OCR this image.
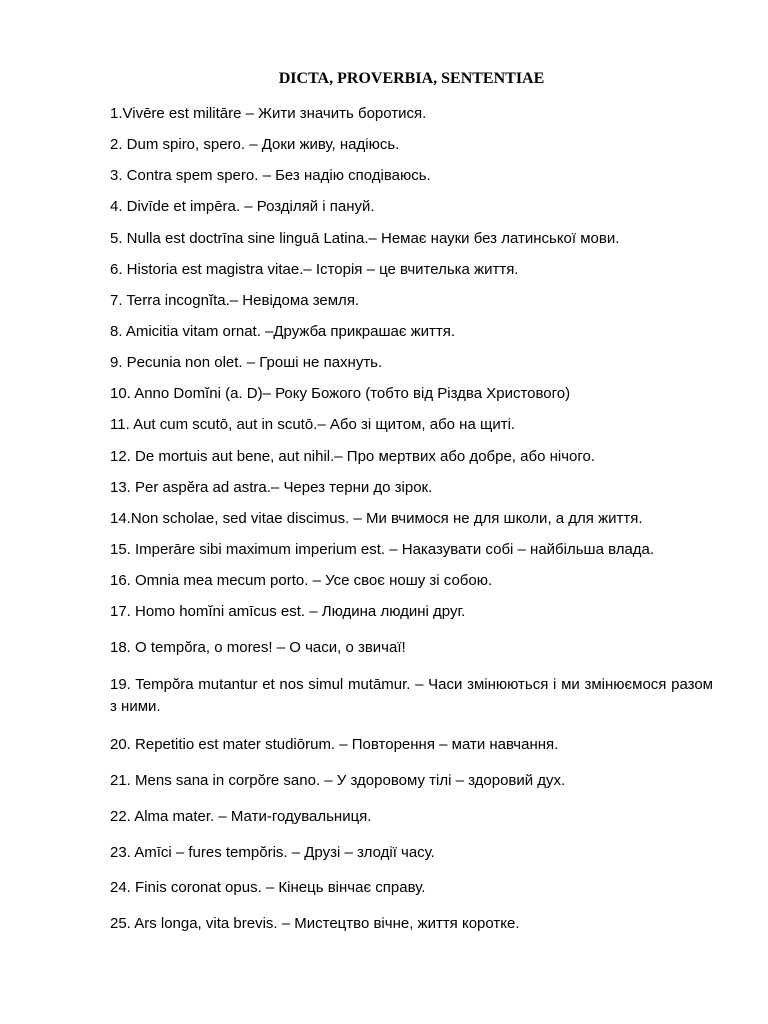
DICTA, PROVERBIA, SENTENTIAE
1.Vivēre est militāre – Жити значить боротися.
2. Dum spiro, spero. – Доки живу, надіюсь.
3. Contra spem spero. – Без надію сподіваюсь.
4. Divīde et impēra. – Розділяй і пануй.
5. Nulla est doctrīna sine linguā Latina.– Немає науки без латинської мови.
6. Historia est magistra vitae.– Історія – це вчителька життя.
7. Terra incognĭta.– Невідома земля.
8. Amicitia vitam ornat. –Дружба прикрашає життя.
9. Pecunia non olet. – Гроші не пахнуть.
10. Anno Domĭni (a. D)– Року Божого (тобто від Різдва Христового)
11. Aut cum scutō, aut in scutō.– Або зі щитом, або на щиті.
12. De mortuis aut bene, aut nihil.– Про мертвих або добре, або нічого.
13. Per aspĕra ad astra.– Через терни до зірок.
14.Non scholae, sed vitae discimus. – Ми вчимося не для школи, а для життя.
15. Imperāre sibi maximum imperium est. – Наказувати собі – найбільша влада.
16. Omnia mea mecum porto. – Усе своє ношу зі собою.
17. Homo homĭni amīcus est. – Людина людині друг.
18. O tempŏra, o mores! – О часи, о звичаї!
19. Tempŏra mutantur et nos simul mutāmur. – Часи змінюються і ми змінюємося разом з ними.
20. Repetitio est mater studiōrum. – Повторення – мати навчання.
21. Mens sana in corpŏre sano. – У здоровому тілі – здоровий дух.
22. Alma mater. – Мати-годувальниця.
23. Amīci – fures tempŏris. – Друзі – злодії часу.
24. Finis coronat opus. – Кінець вінчає справу.
25. Ars longa, vita brevis. – Мистецтво вічне, життя коротке.
